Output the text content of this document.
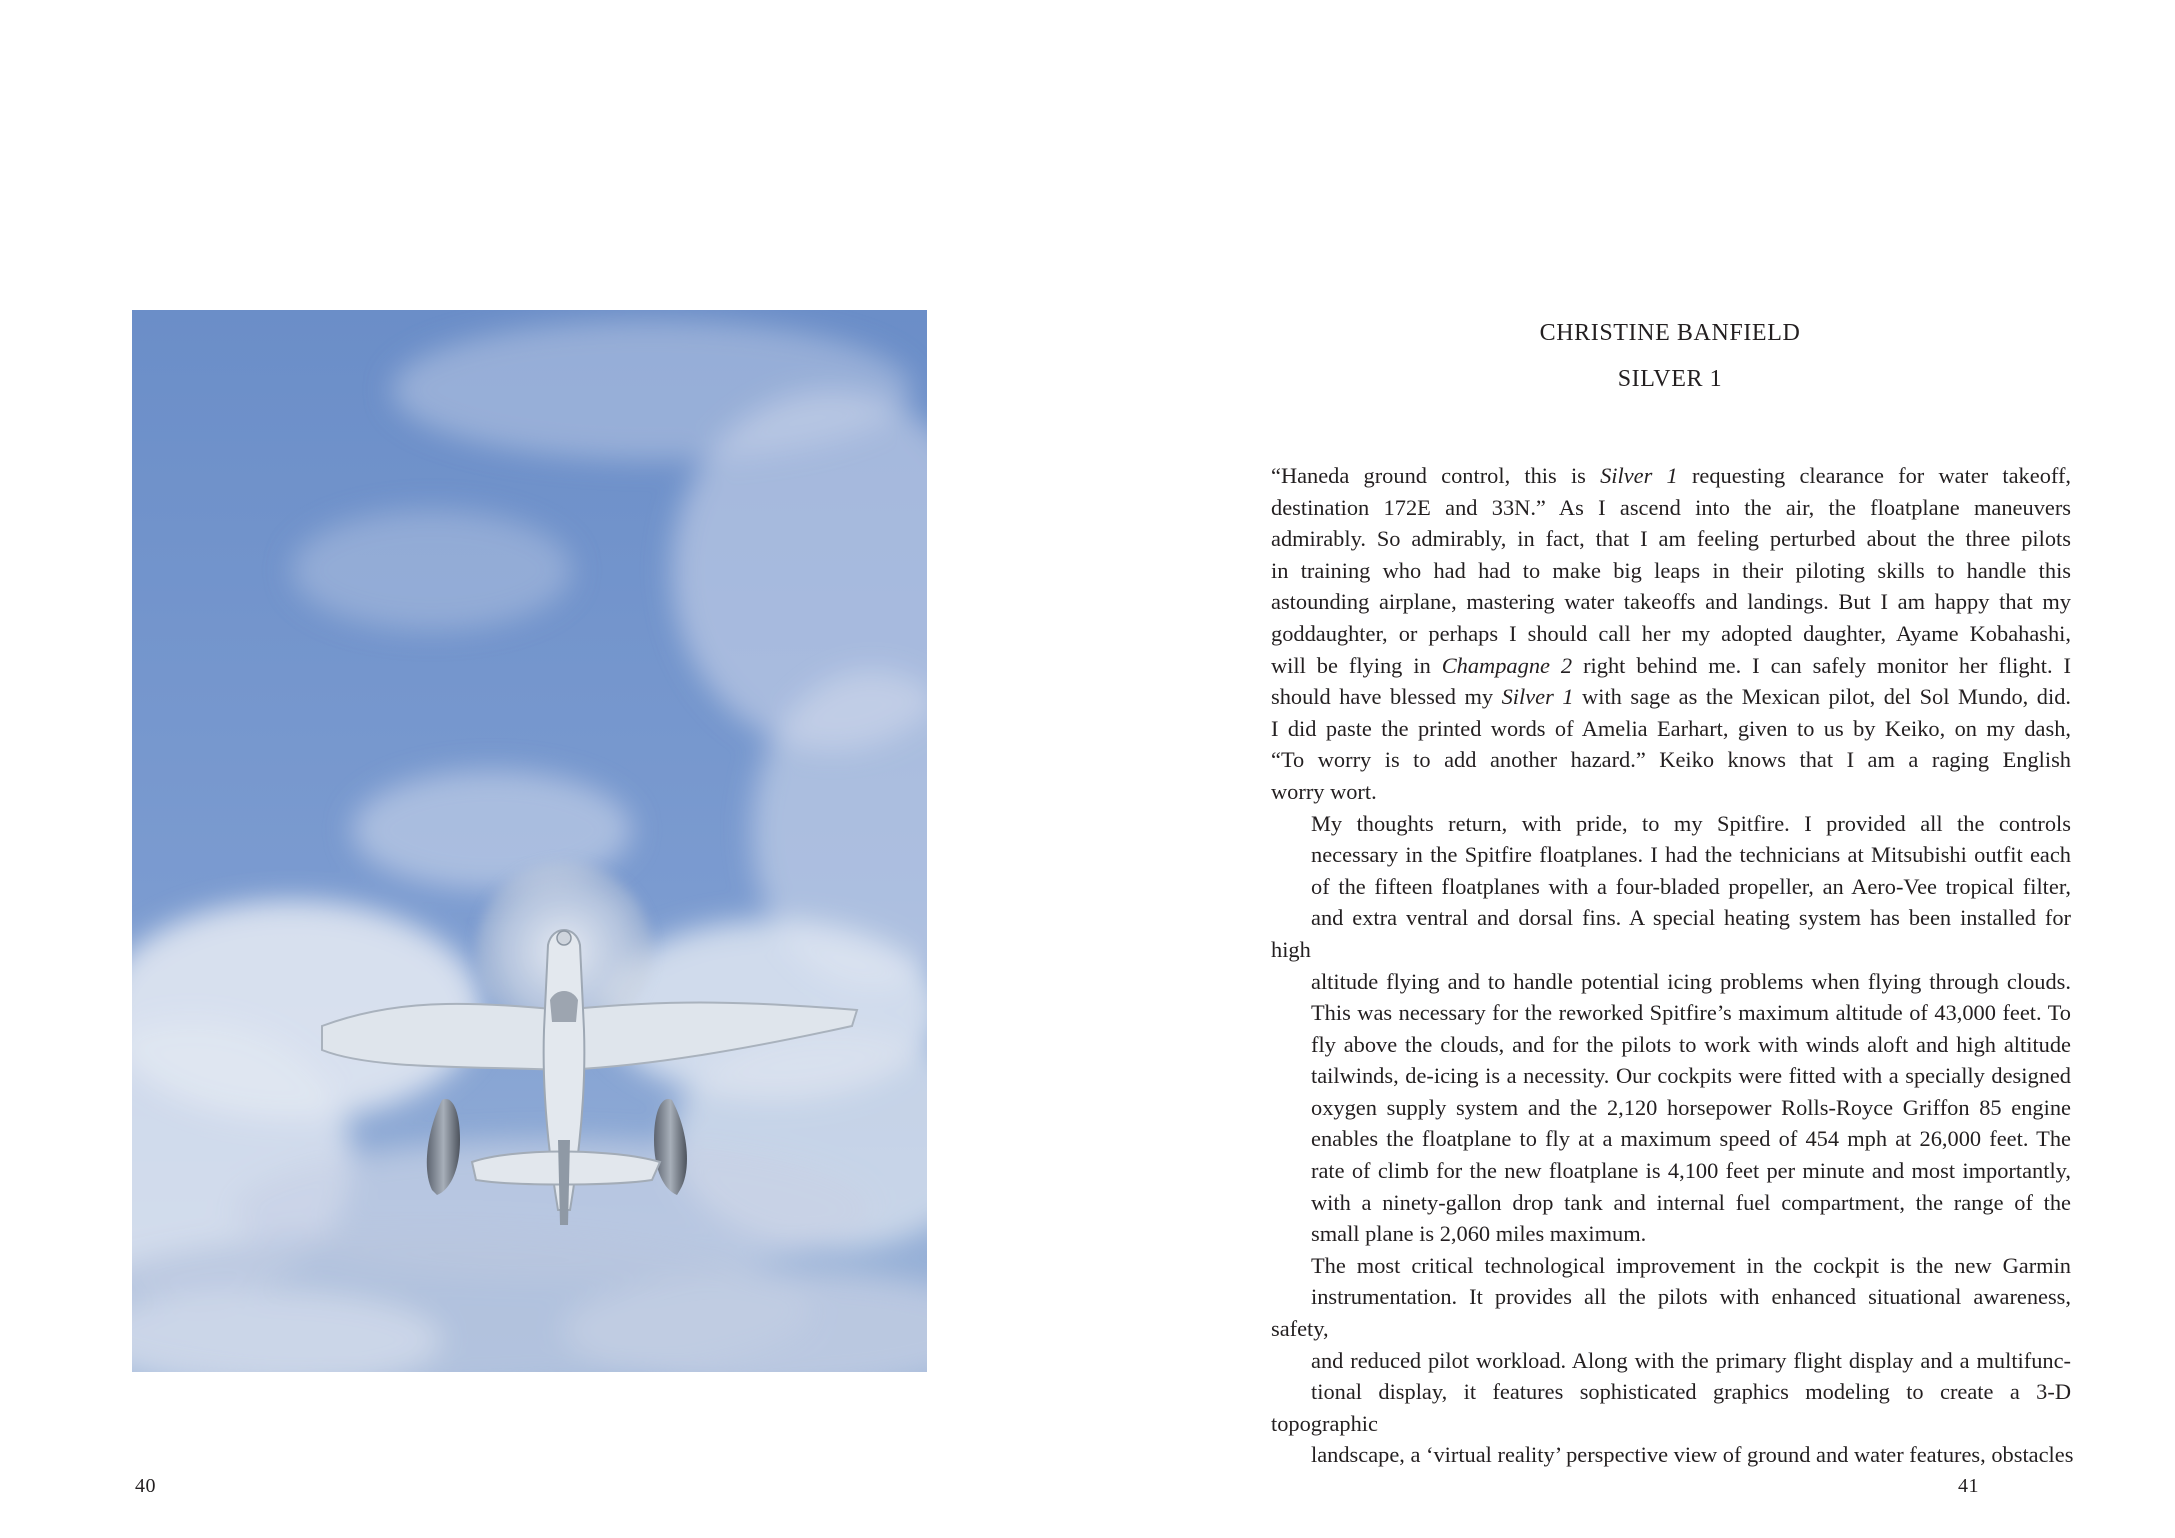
40
CHRISTINE BANFIELD
SILVER 1

“Haneda ground control, this is Silver 1 requesting clearance for water takeoff,
destination 172E and 33N.” As I ascend into the air, the floatplane maneuvers
admirably. So admirably, in fact, that I am feeling perturbed about the three pilots
in training who had had to make big leaps in their piloting skills to handle this
astounding airplane, mastering water takeoffs and landings. But I am happy that my
goddaughter, or perhaps I should call her my adopted daughter, Ayame Kobahashi,
will be flying in Champagne 2 right behind me. I can safely monitor her flight. I
should have blessed my Silver 1 with sage as the Mexican pilot, del Sol Mundo, did.
I did paste the printed words of Amelia Earhart, given to us by Keiko, on my dash,
“To worry is to add another hazard.” Keiko knows that I am a raging English
worry wort.

My thoughts return, with pride, to my Spitfire. I provided all the controls
necessary in the Spitfire floatplanes. I had the technicians at Mitsubishi outfit each
of the fifteen floatplanes with a four-bladed propeller, an Aero-Vee tropical filter,
and extra ventral and dorsal fins. A special heating system has been installed for high
altitude flying and to handle potential icing problems when flying through clouds.
This was necessary for the reworked Spitfire’s maximum altitude of 43,000 feet. To
fly above the clouds, and for the pilots to work with winds aloft and high altitude
tailwinds, de-icing is a necessity. Our cockpits were fitted with a specially designed
oxygen supply system and the 2,120 horsepower Rolls-Royce Griffon 85 engine
enables the floatplane to fly at a maximum speed of 454 mph at 26,000 feet. The
rate of climb for the new floatplane is 4,100 feet per minute and most importantly,
with a ninety-gallon drop tank and internal fuel compartment, the range of the
small plane is 2,060 miles maximum.

The most critical technological improvement in the cockpit is the new Garmin
instrumentation. It provides all the pilots with enhanced situational awareness, safety,
and reduced pilot workload. Along with the primary flight display and a multifunc-
tional display, it features sophisticated graphics modeling to create a 3-D topographic
landscape, a ‘virtual reality’ perspective view of ground and water features, obstacles

41
